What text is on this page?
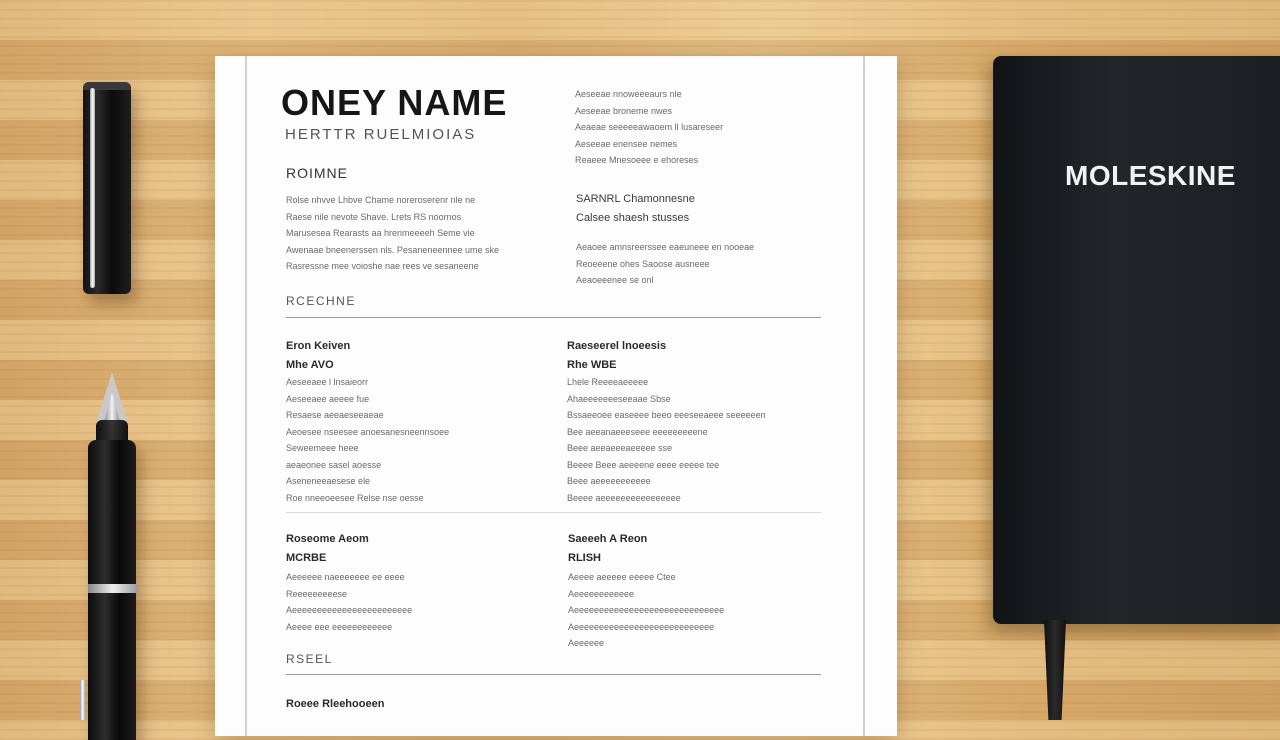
ONEY NAME
HERTTR RUELMIOIAS
ROIMNE
Rolse nhvve Lhbve Chame noreroserenr nle ne
Raese nile nevote Shave. Lrets RS noornos
Marusesea Rearasts aa hrenmeeeeh Seme vie
Awenaae bneenerssen nls. Pesaneneennee ume ske
Rasressne mee voioshe nae rees ve sesaneene
Aeseeae nnoweeeaurs nle
Aeseeae broneme nwes
Aeaeae seeeeeawaoem ll lusareseer
Aeseeae enensee nemes
Reaeee Mnesoeee e ehoreses
SARNRL Chamonnesne
Calsee shaesh stusses
Aeaoee amnsreerssee eaeuneee en nooeae
Reoeeene ohes Saoose ausneee
Aeaoeeenee se onl
RCECHNE
Eron Keiven
Mhe AVO
Aeseeaee l lnsaieorr
Aeseeaee aeeee fue
Resaese aeeaeseeaeae
Aeoesee nseesee anoesanesneennsoee
Seweemeee heee
aeaeonee sasel aoesse
Aseneneeaesese ele
Roe nneeoeesee Relse nse oesse
Raeseerel lnoeesis
Rhe WBE
Lhele Reeeeaeeeee
Ahaeeeeeeeseeaae Sbse
Bssaeeoee easeeee beeo eeeseeaeee seeeeeen
Bee aeeanaeeeseee eeeeeeeeene
Beee aeeaeeeaeeeee sse
Beeee Beee aeeeene eeee eeeee tee
Beee aeeeeeeeeeee
Beeee aeeeeeeeeeeeeeeee
Roseome Aeom
MCRBE
Aeeeeee naeeeeeee ee eeee
Reeeeeeeeese
Aeeeeeeeeeeeeeeeeeeeeeeee
Aeeee eee eeeeeeeeeeee
Saeeeh A Reon
RLISH
Aeeee aeeeee eeeee Ctee
Aeeeeeeeeeeee
Aeeeeeeeeeeeeeeeeeeeeeeeeeeeeee
Aeeeeeeeeeeeeeeeeeeeeeeeeeeee
Aeeeeee
RSEEL
Roeee Rleehooeen
MOLESKINE
